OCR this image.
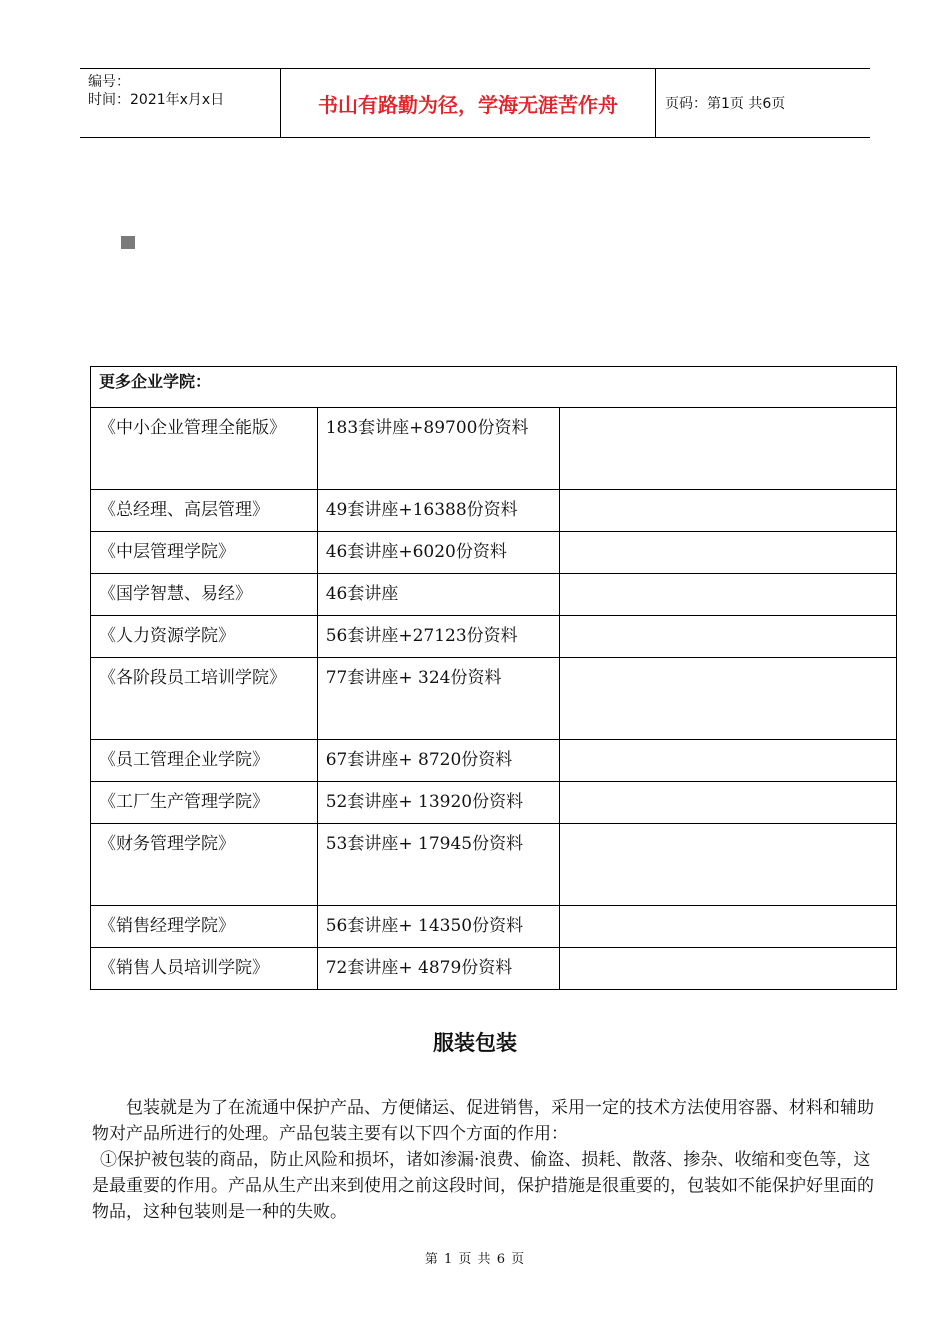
编号：
时间：2021年x月x日	书山有路勤为径，学海无涯苦作舟	页码：第1页 共6页
更多企业学院：		
《中小企业管理全能版》	183套讲座+89700份资料	
《总经理、高层管理》	49套讲座+16388份资料	
《中层管理学院》	46套讲座+6020份资料	
《国学智慧、易经》	46套讲座	
《人力资源学院》	56套讲座+27123份资料	
《各阶段员工培训学院》	77套讲座+ 324份资料	
《员工管理企业学院》	67套讲座+ 8720份资料	
《工厂生产管理学院》	52套讲座+ 13920份资料	
《财务管理学院》	53套讲座+ 17945份资料	
《销售经理学院》	56套讲座+ 14350份资料	
《销售人员培训学院》	72套讲座+ 4879份资料	
服装包装

包装就是为了在流通中保护产品、方便储运、促进销售，采用一定的技术方法使用容器、材料和辅助物对产品所进行的处理。产品包装主要有以下四个方面的作用：

①保护被包装的商品，防止风险和损坏，诸如渗漏·浪费、偷盗、损耗、散落、掺杂、收缩和变色等，这是最重要的作用。产品从生产出来到使用之前这段时间，保护措施是很重要的，包装如不能保护好里面的物品，这种包装则是一种的失败。

第 1 页 共 6 页
